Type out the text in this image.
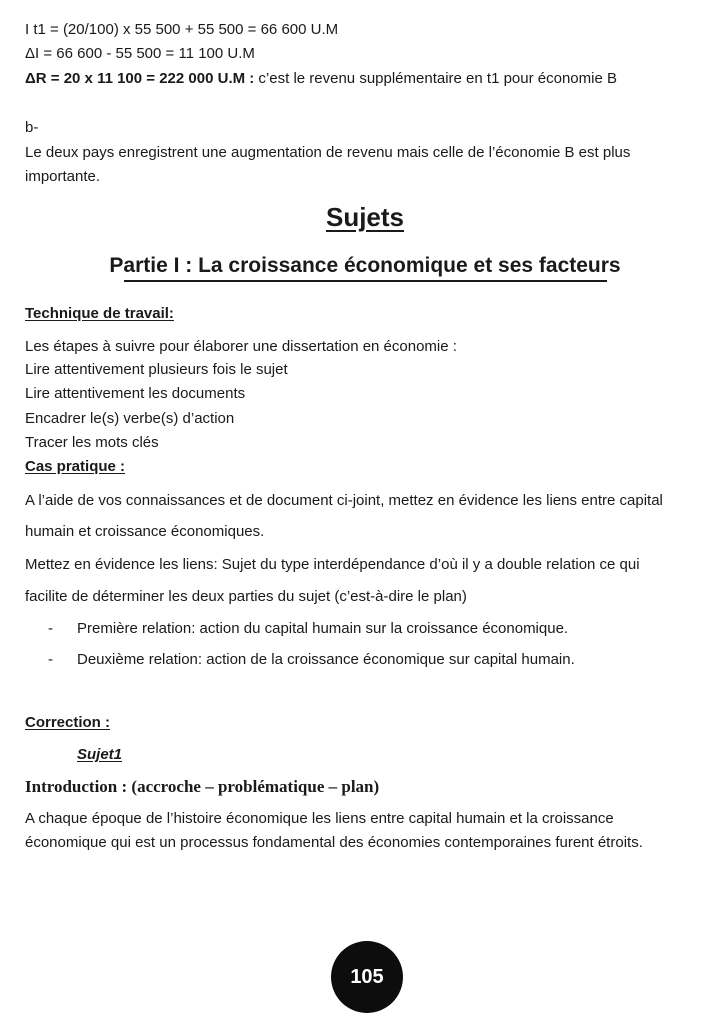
I t1 = (20/100) x 55 500 + 55 500 = 66 600 U.M
ΔI = 66 600 - 55 500 = 11 100 U.M
ΔR = 20 x 11 100 = 222 000 U.M : c’est le revenu supplémentaire en t1 pour économie B
b-
Le deux pays enregistrent une augmentation de revenu mais celle de l’économie B est plus
importante.
Sujets
Partie I : La croissance économique et ses facteurs
Technique de travail:
Les étapes à suivre pour élaborer une dissertation en économie :
Lire attentivement plusieurs fois le sujet
Lire attentivement les documents
Encadrer le(s) verbe(s) d’action
Tracer les mots clés
Cas pratique :
A l’aide de vos connaissances et de document ci-joint, mettez en évidence les liens entre capital
humain et croissance économiques.
Mettez en évidence les liens: Sujet du type interdépendance d’où il y a double relation ce qui
facilite de déterminer les deux parties du sujet (c’est-à-dire le plan)
- Première relation: action du capital humain sur la croissance économique.
- Deuxième relation: action de la croissance économique sur capital humain.
Correction :
Sujet1
Introduction : (accroche – problématique – plan)
A chaque époque de l’histoire économique les liens entre capital humain et la croissance
économique qui est un processus fondamental des économies contemporaines furent étroits.
105
